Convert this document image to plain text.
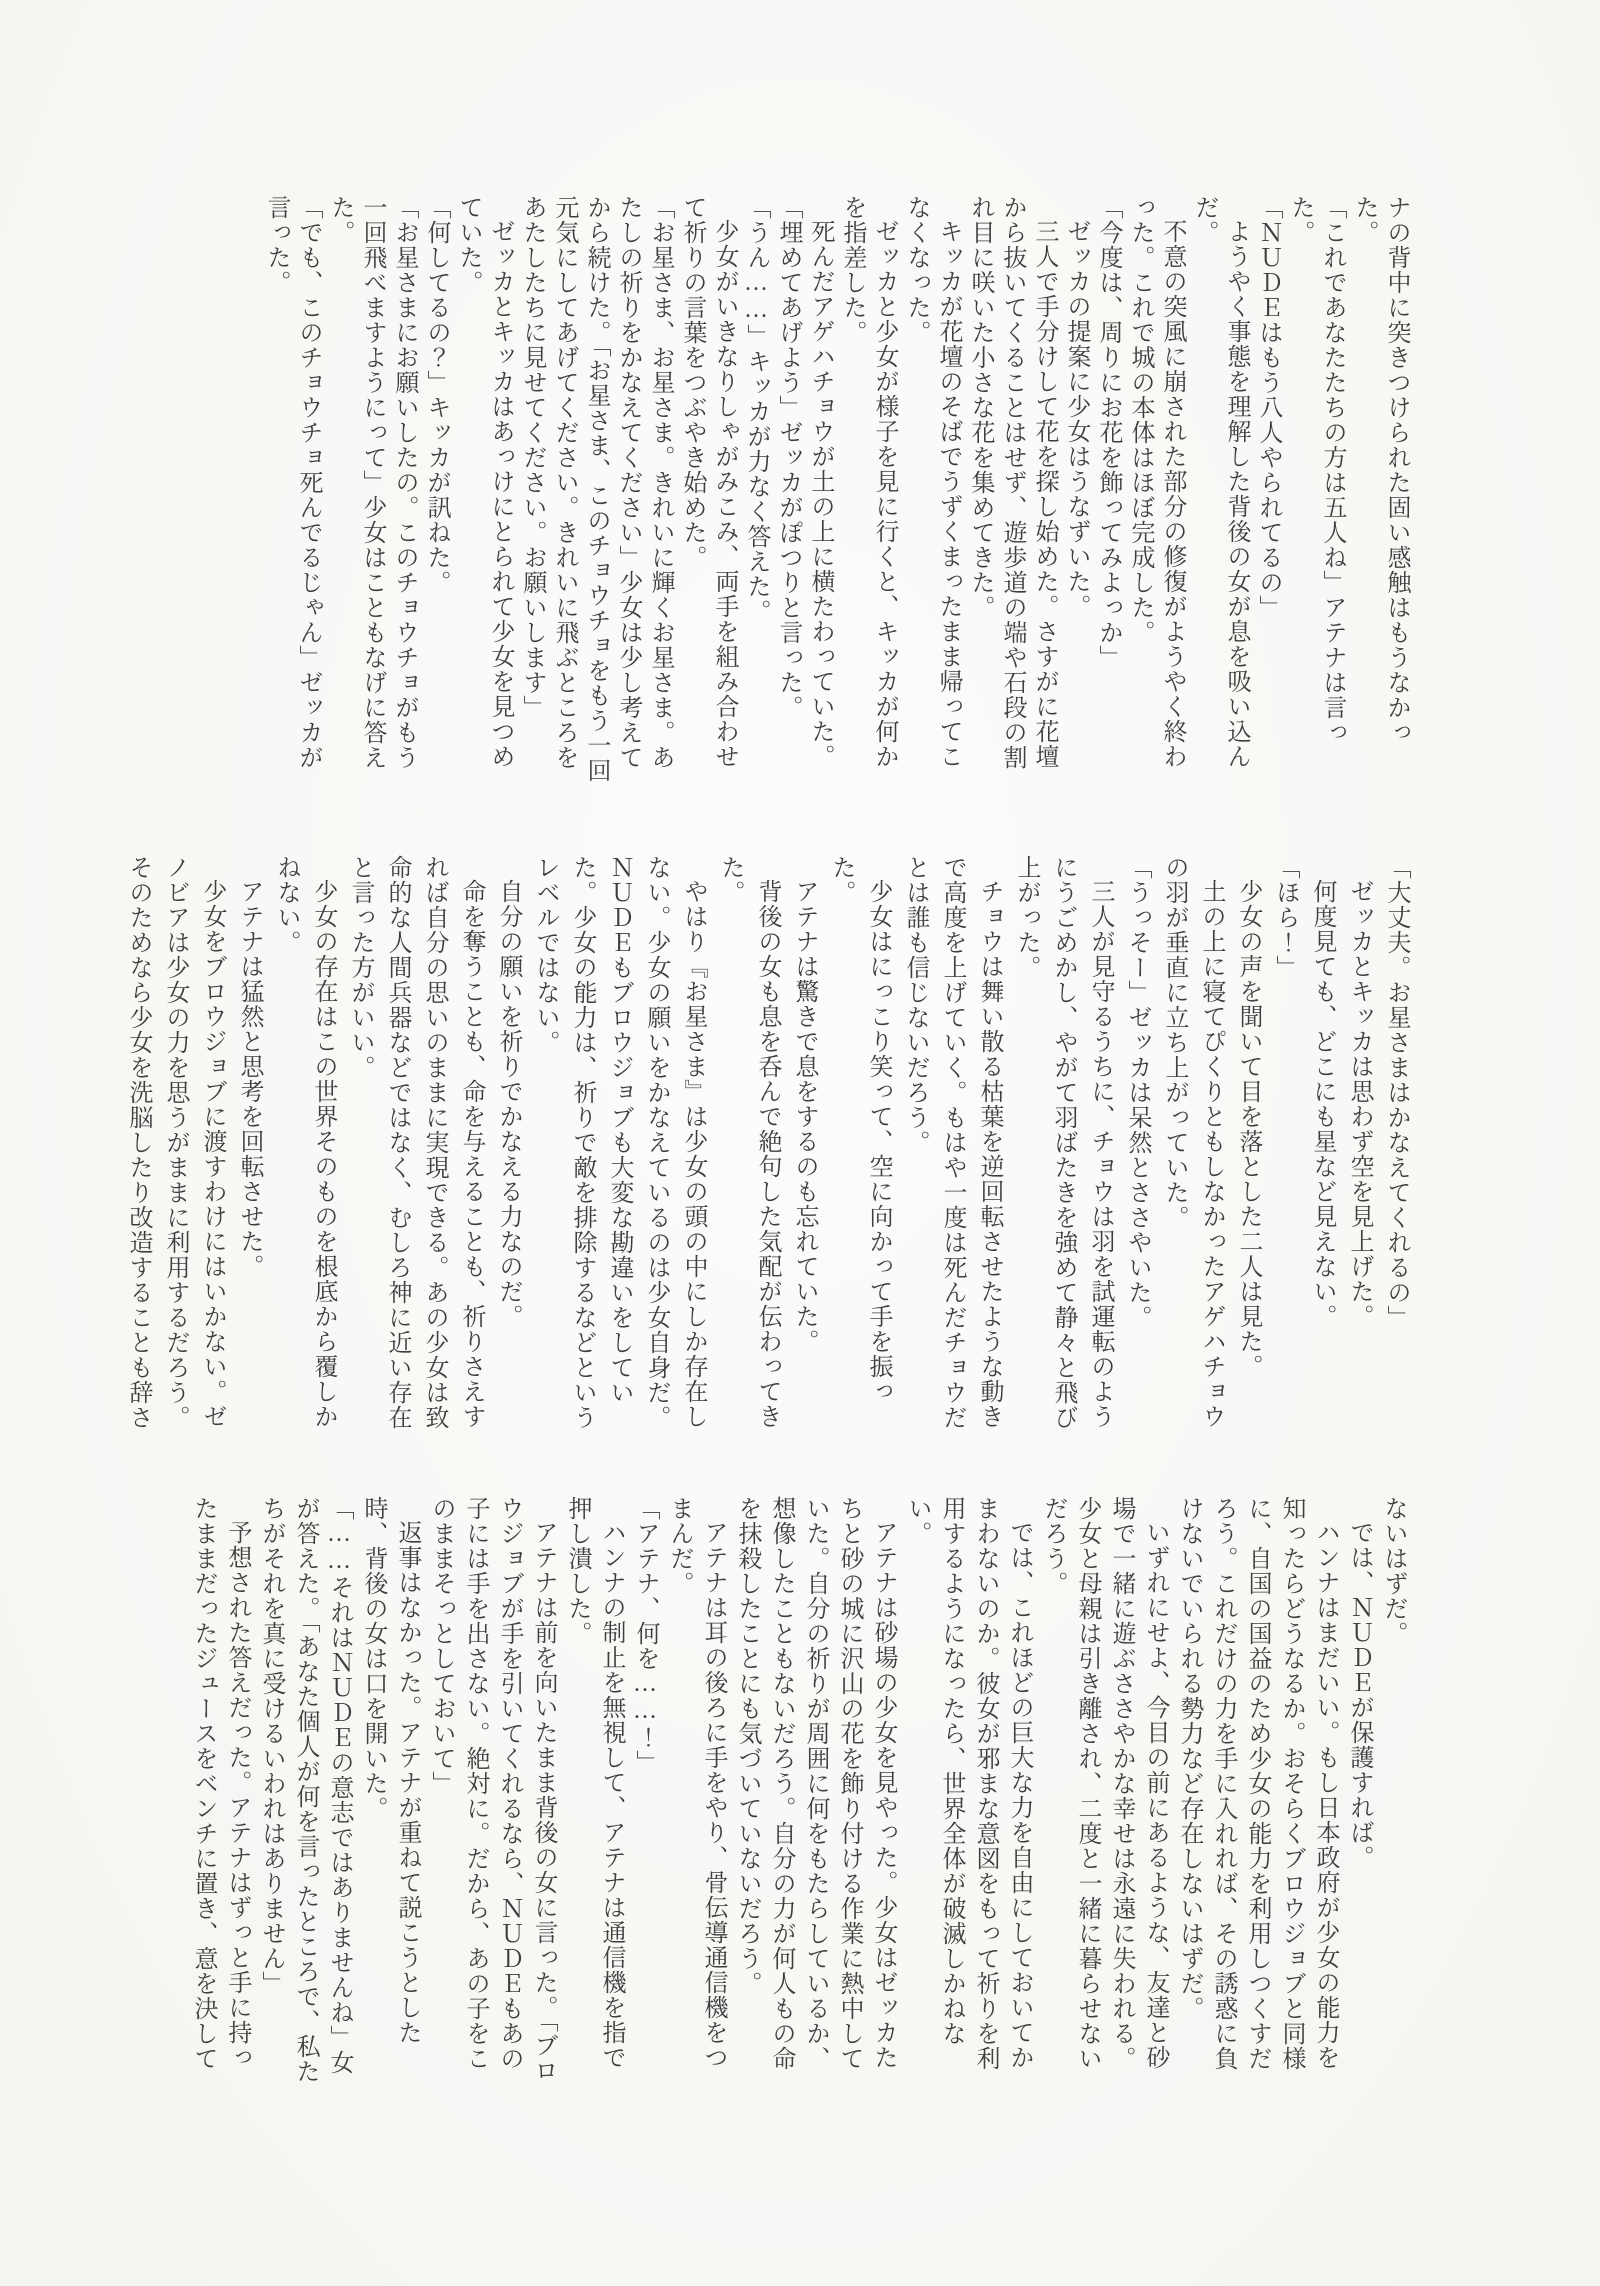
ナの背中に突きつけられた固い感触はもうなかった。

「これであなたたちの方は五人ね」アテナは言った。

「ＮＵＤＥはもう八人やられてるの」

ようやく事態を理解した背後の女が息を吸い込んだ。

不意の突風に崩された部分の修復がようやく終わった。これで城の本体はほぼ完成した。

「今度は、周りにお花を飾ってみよっか」

ゼッカの提案に少女はうなずいた。

三人で手分けして花を探し始めた。さすがに花壇から抜いてくることはせず、遊歩道の端や石段の割れ目に咲いた小さな花を集めてきた。

キッカが花壇のそばでうずくまったまま帰ってこなくなった。

ゼッカと少女が様子を見に行くと、キッカが何かを指差した。

死んだアゲハチョウが土の上に横たわっていた。

「埋めてあげよう」ゼッカがぽつりと言った。

「うん……」キッカが力なく答えた。

少女がいきなりしゃがみこみ、両手を組み合わせて祈りの言葉をつぶやき始めた。

「お星さま、お星さま。きれいに輝くお星さま。あたしの祈りをかなえてください」少女は少し考えてから続けた。「お星さま、このチョウチョをもう一回元気にしてあげてください。きれいに飛ぶところをあたしたちに見せてください。お願いします」

ゼッカとキッカはあっけにとられて少女を見つめていた。

「何してるの？」キッカが訊ねた。

「お星さまにお願いしたの。このチョウチョがもう一回飛べますようにって」少女はこともなげに答えた。

「でも、このチョウチョ死んでるじゃん」ゼッカが言った。

「大丈夫。お星さまはかなえてくれるの」

ゼッカとキッカは思わず空を見上げた。

何度見ても、どこにも星など見えない。

「ほら！」

少女の声を聞いて目を落とした二人は見た。

土の上に寝てぴくりともしなかったアゲハチョウの羽が垂直に立ち上がっていた。

「うっそー」ゼッカは呆然とささやいた。

三人が見守るうちに、チョウは羽を試運転のようにうごめかし、やがて羽ばたきを強めて静々と飛び上がった。

チョウは舞い散る枯葉を逆回転させたような動きで高度を上げていく。もはや一度は死んだチョウだとは誰も信じないだろう。

少女はにっこり笑って、空に向かって手を振った。

アテナは驚きで息をするのも忘れていた。

背後の女も息を呑んで絶句した気配が伝わってきた。

やはり『お星さま』は少女の頭の中にしか存在しない。少女の願いをかなえているのは少女自身だ。ＮＵＤＥもブロウジョブも大変な勘違いをしていた。少女の能力は、祈りで敵を排除するなどというレベルではない。

自分の願いを祈りでかなえる力なのだ。

命を奪うことも、命を与えることも、祈りさえすれば自分の思いのままに実現できる。あの少女は致命的な人間兵器などではなく、むしろ神に近い存在と言った方がいい。

少女の存在はこの世界そのものを根底から覆しかねない。

アテナは猛然と思考を回転させた。

少女をブロウジョブに渡すわけにはいかない。ゼノビアは少女の力を思うがままに利用するだろう。そのためなら少女を洗脳したり改造することも辞さ

ないはずだ。

では、ＮＵＤＥが保護すれば。

ハンナはまだいい。もし日本政府が少女の能力を知ったらどうなるか。おそらくブロウジョブと同様に、自国の国益のため少女の能力を利用しつくすだろう。これだけの力を手に入れれば、その誘惑に負けないでいられる勢力など存在しないはずだ。

いずれにせよ、今目の前にあるような、友達と砂場で一緒に遊ぶささやかな幸せは永遠に失われる。少女と母親は引き離され、二度と一緒に暮らせないだろう。

では、これほどの巨大な力を自由にしておいてかまわないのか。彼女が邪まな意図をもって祈りを利用するようになったら、世界全体が破滅しかねない。

アテナは砂場の少女を見やった。少女はゼッカたちと砂の城に沢山の花を飾り付ける作業に熱中していた。自分の祈りが周囲に何をもたらしているか、想像したこともないだろう。自分の力が何人もの命を抹殺したことにも気づいていないだろう。

アテナは耳の後ろに手をやり、骨伝導通信機をつまんだ。

「アテナ、何を……！」

ハンナの制止を無視して、アテナは通信機を指で押し潰した。

アテナは前を向いたまま背後の女に言った。「ブロウジョブが手を引いてくれるなら、ＮＵＤＥもあの子には手を出さない。絶対に。だから、あの子をこのままそっとしておいて」

返事はなかった。アテナが重ねて説こうとした時、背後の女は口を開いた。

「……それはＮＵＤＥの意志ではありませんね」女が答えた。「あなた個人が何を言ったところで、私たちがそれを真に受けるいわれはありません」

予想された答えだった。アテナはずっと手に持ったままだったジュースをベンチに置き、意を決して
